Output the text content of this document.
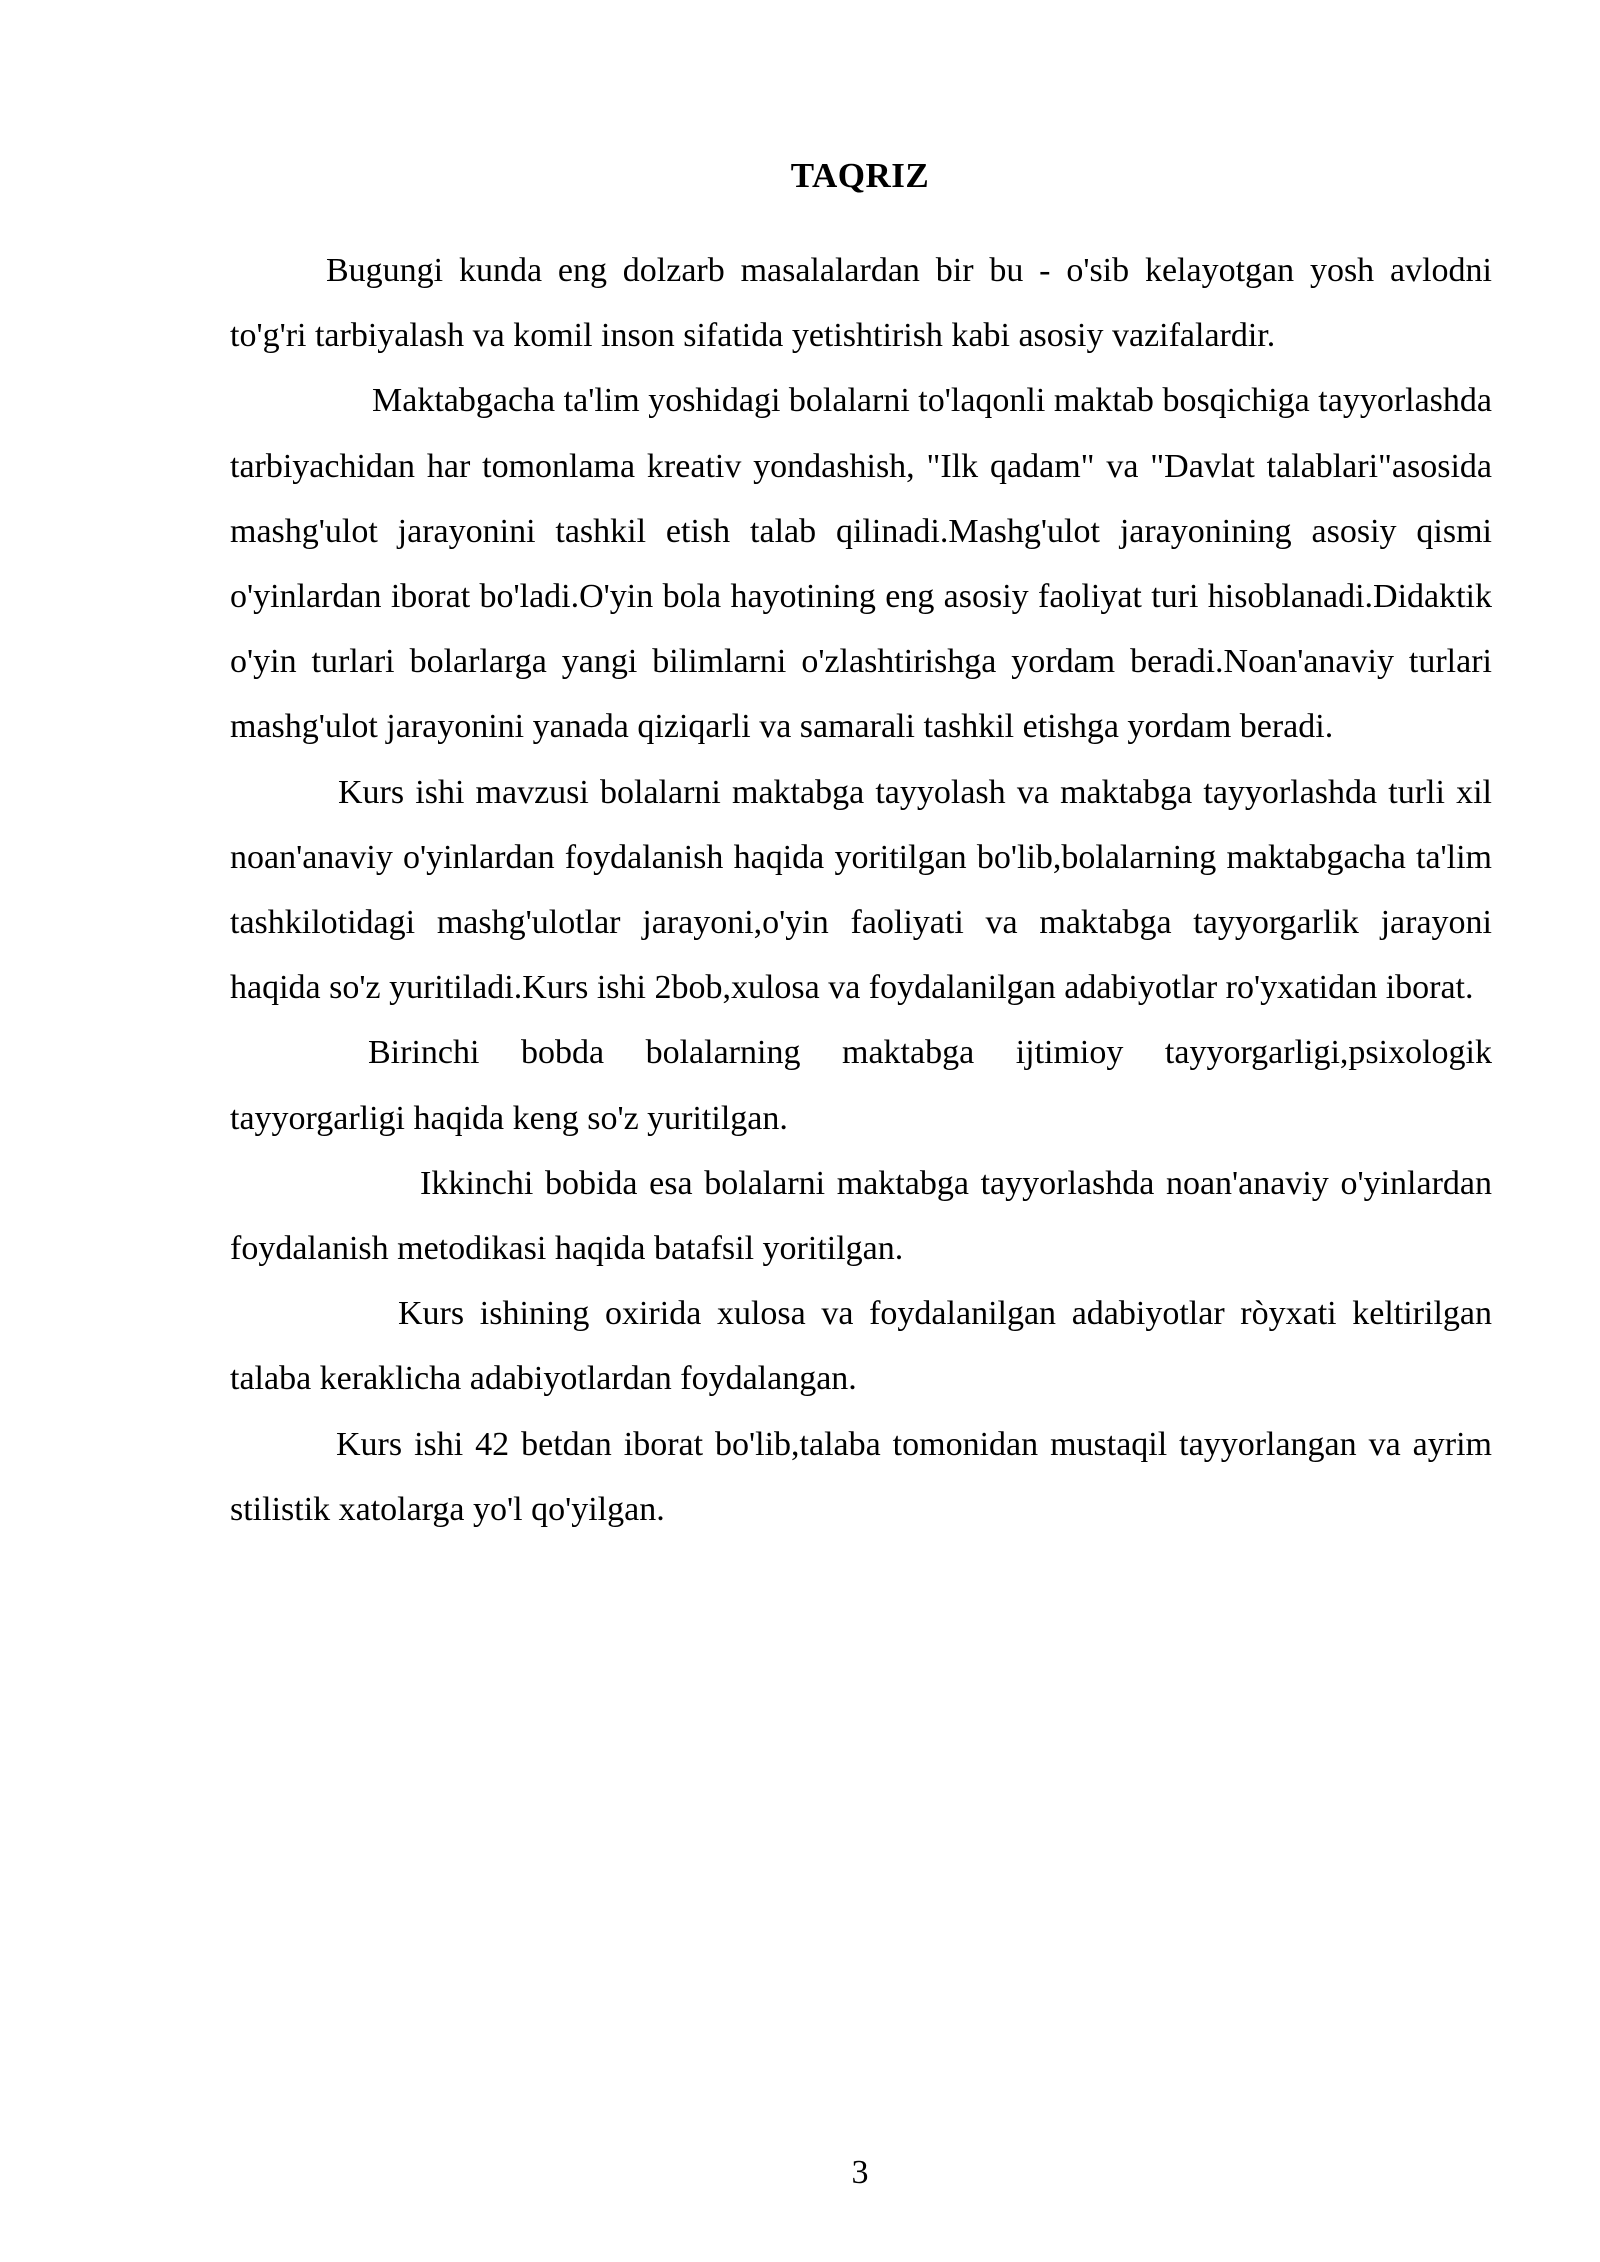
TAQRIZ

Bugungi kunda eng dolzarb masalalardan bir bu - o'sib kelayotgan yosh avlodni to'g'ri tarbiyalash va komil inson sifatida yetishtirish kabi asosiy vazifalardir.

Maktabgacha ta'lim yoshidagi bolalarni to'laqonli maktab bosqichiga tayyorlashda tarbiyachidan har tomonlama kreativ yondashish, "Ilk qadam" va "Davlat talablari"asosida mashg'ulot jarayonini tashkil etish talab qilinadi.Mashg'ulot jarayonining asosiy qismi o'yinlardan iborat bo'ladi.O'yin bola hayotining eng asosiy faoliyat turi hisoblanadi.Didaktik o'yin turlari bolarlarga yangi bilimlarni o'zlashtirishga yordam beradi.Noan'anaviy turlari mashg'ulot jarayonini yanada qiziqarli va samarali tashkil etishga yordam beradi.

Kurs ishi mavzusi bolalarni maktabga tayyolash va maktabga tayyorlashda turli xil noan'anaviy o'yinlardan foydalanish haqida yoritilgan bo'lib,bolalarning maktabgacha ta'lim tashkilotidagi mashg'ulotlar jarayoni,o'yin faoliyati va maktabga tayyorgarlik jarayoni haqida so'z yuritiladi.Kurs ishi 2bob,xulosa va foydalanilgan adabiyotlar ro'yxatidan iborat.

Birinchi bobda bolalarning maktabga ijtimioy tayyorgarligi,psixologik tayyorgarligi haqida keng so'z yuritilgan.

Ikkinchi bobida esa bolalarni maktabga tayyorlashda noan'anaviy o'yinlardan foydalanish metodikasi haqida batafsil yoritilgan.

Kurs ishining oxirida xulosa va foydalanilgan adabiyotlar ròyxati keltirilgan talaba keraklicha adabiyotlardan foydalangan.

Kurs ishi 42 betdan iborat bo'lib,talaba tomonidan mustaqil tayyorlangan va ayrim stilistik xatolarga yo'l qo'yilgan.

3
